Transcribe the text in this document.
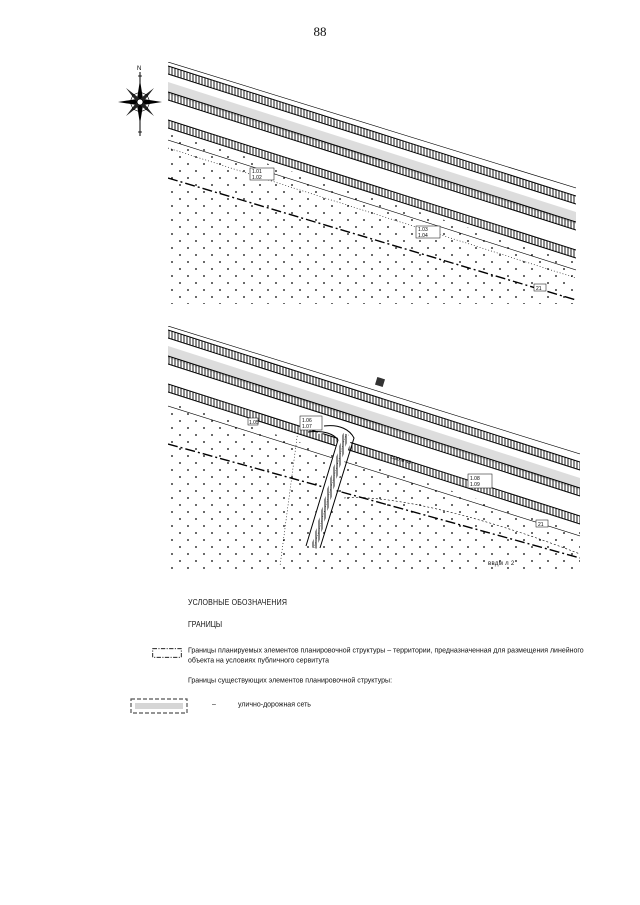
88
N
1.01
1.02
1.03
1.04
21
1.05	1.06
1.07
1.08
1.09
21
2/20 м 49
ввдм л 2
УСЛОВНЫЕ ОБОЗНАЧЕНИЯ
ГРАНИЦЫ
Границы планируемых элементов планировочной структуры – территории, предназначенная для размещения линейного
объекта на условиях публичного сервитута
Границы существующих элементов планировочной структуры:
–	улично-дорожная сеть
